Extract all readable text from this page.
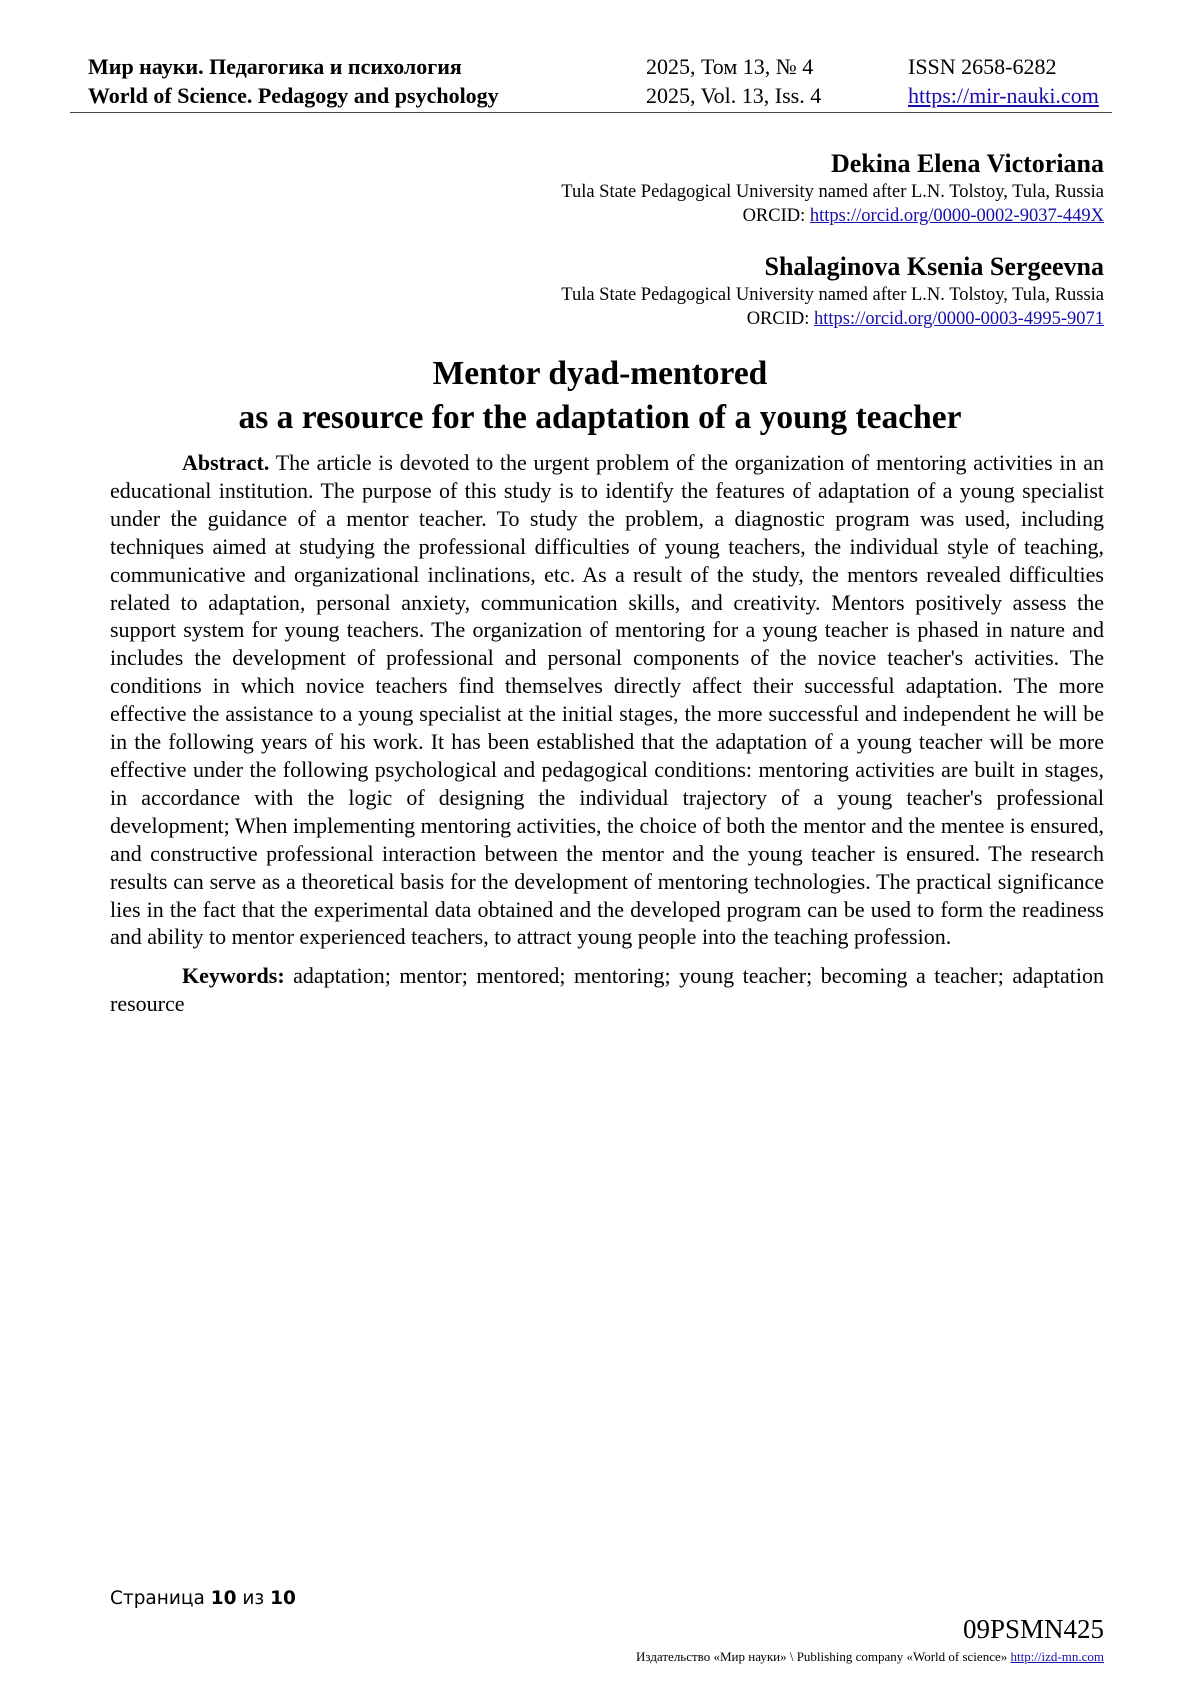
Мир науки. Педагогика и психология
World of Science. Pedagogy and psychology
2025, Том 13, № 4
2025, Vol. 13, Iss. 4
ISSN 2658-6282
https://mir-nauki.com
Dekina Elena Victoriana
Tula State Pedagogical University named after L.N. Tolstoy, Tula, Russia
ORCID: https://orcid.org/0000-0002-9037-449X
Shalaginova Ksenia Sergeevna
Tula State Pedagogical University named after L.N. Tolstoy, Tula, Russia
ORCID: https://orcid.org/0000-0003-4995-9071
Mentor dyad-mentored
as a resource for the adaptation of a young teacher

Abstract. The article is devoted to the urgent problem of the organization of mentoring activities in an educational institution. The purpose of this study is to identify the features of adaptation of a young specialist under the guidance of a mentor teacher. To study the problem, a diagnostic program was used, including techniques aimed at studying the professional difficulties of young teachers, the individual style of teaching, communicative and organizational inclinations, etc. As a result of the study, the mentors revealed difficulties related to adaptation, personal anxiety, communication skills, and creativity. Mentors positively assess the support system for young teachers. The organization of mentoring for a young teacher is phased in nature and includes the development of professional and personal components of the novice teacher's activities. The conditions in which novice teachers find themselves directly affect their successful adaptation. The more effective the assistance to a young specialist at the initial stages, the more successful and independent he will be in the following years of his work. It has been established that the adaptation of a young teacher will be more effective under the following psychological and pedagogical conditions: mentoring activities are built in stages, in accordance with the logic of designing the individual trajectory of a young teacher's professional development; When implementing mentoring activities, the choice of both the mentor and the mentee is ensured, and constructive professional interaction between the mentor and the young teacher is ensured. The research results can serve as a theoretical basis for the development of mentoring technologies. The practical significance lies in the fact that the experimental data obtained and the developed program can be used to form the readiness and ability to mentor experienced teachers, to attract young people into the teaching profession.

Keywords: adaptation; mentor; mentored; mentoring; young teacher; becoming a teacher; adaptation resource

Страница 10 из 10
09PSMN425
Издательство «Мир науки» \ Publishing company «World of science» http://izd-mn.com
